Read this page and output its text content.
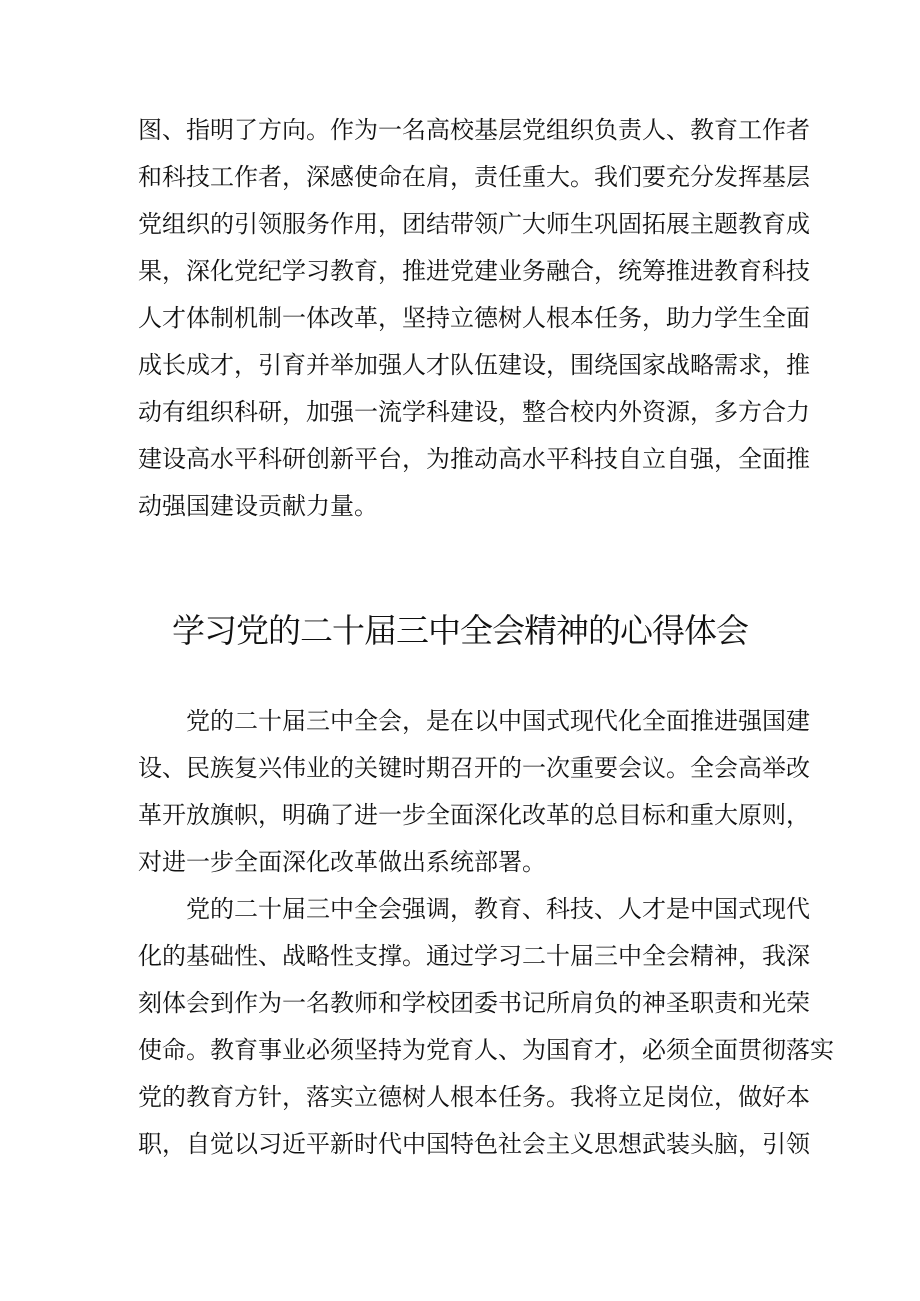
图、指明了方向。作为一名高校基层党组织负责人、教育工作者
和科技工作者，深感使命在肩，责任重大。我们要充分发挥基层
党组织的引领服务作用，团结带领广大师生巩固拓展主题教育成
果，深化党纪学习教育，推进党建业务融合，统筹推进教育科技
人才体制机制一体改革，坚持立德树人根本任务，助力学生全面
成长成才，引育并举加强人才队伍建设，围绕国家战略需求，推
动有组织科研，加强一流学科建设，整合校内外资源，多方合力
建设高水平科研创新平台，为推动高水平科技自立自强，全面推
动强国建设贡献力量。
学习党的二十届三中全会精神的心得体会
党的二十届三中全会，是在以中国式现代化全面推进强国建
设、民族复兴伟业的关键时期召开的一次重要会议。全会高举改
革开放旗帜，明确了进一步全面深化改革的总目标和重大原则，
对进一步全面深化改革做出系统部署。
党的二十届三中全会强调，教育、科技、人才是中国式现代
化的基础性、战略性支撑。通过学习二十届三中全会精神，我深
刻体会到作为一名教师和学校团委书记所肩负的神圣职责和光荣
使命。教育事业必须坚持为党育人、为国育才，必须全面贯彻落实
党的教育方针，落实立德树人根本任务。我将立足岗位，做好本
职，自觉以习近平新时代中国特色社会主义思想武装头脑，引领
